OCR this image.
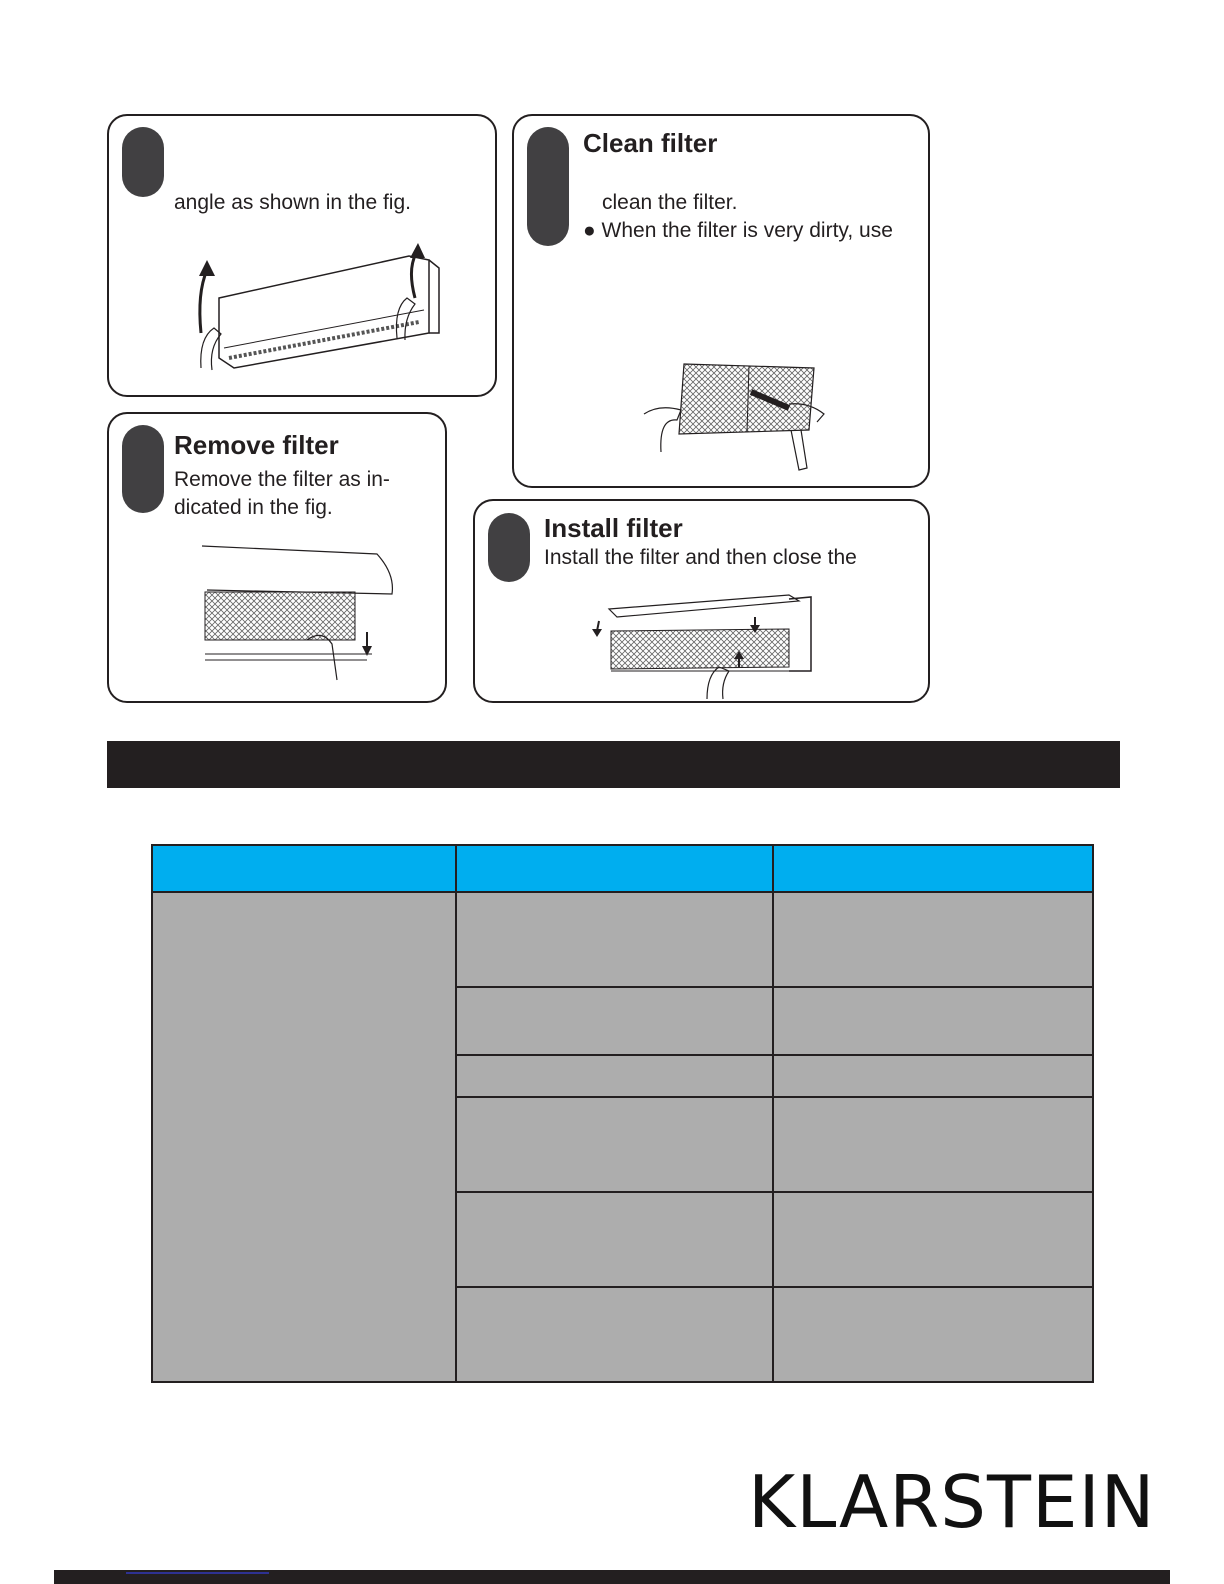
angle as shown in the fig.
Clean filter
clean the filter.
● When the filter is very dirty, use
Remove filter
Remove the filter as in-
dicated in the fig.
Install filter
Install the filter and then close the

KLARSTEIN
